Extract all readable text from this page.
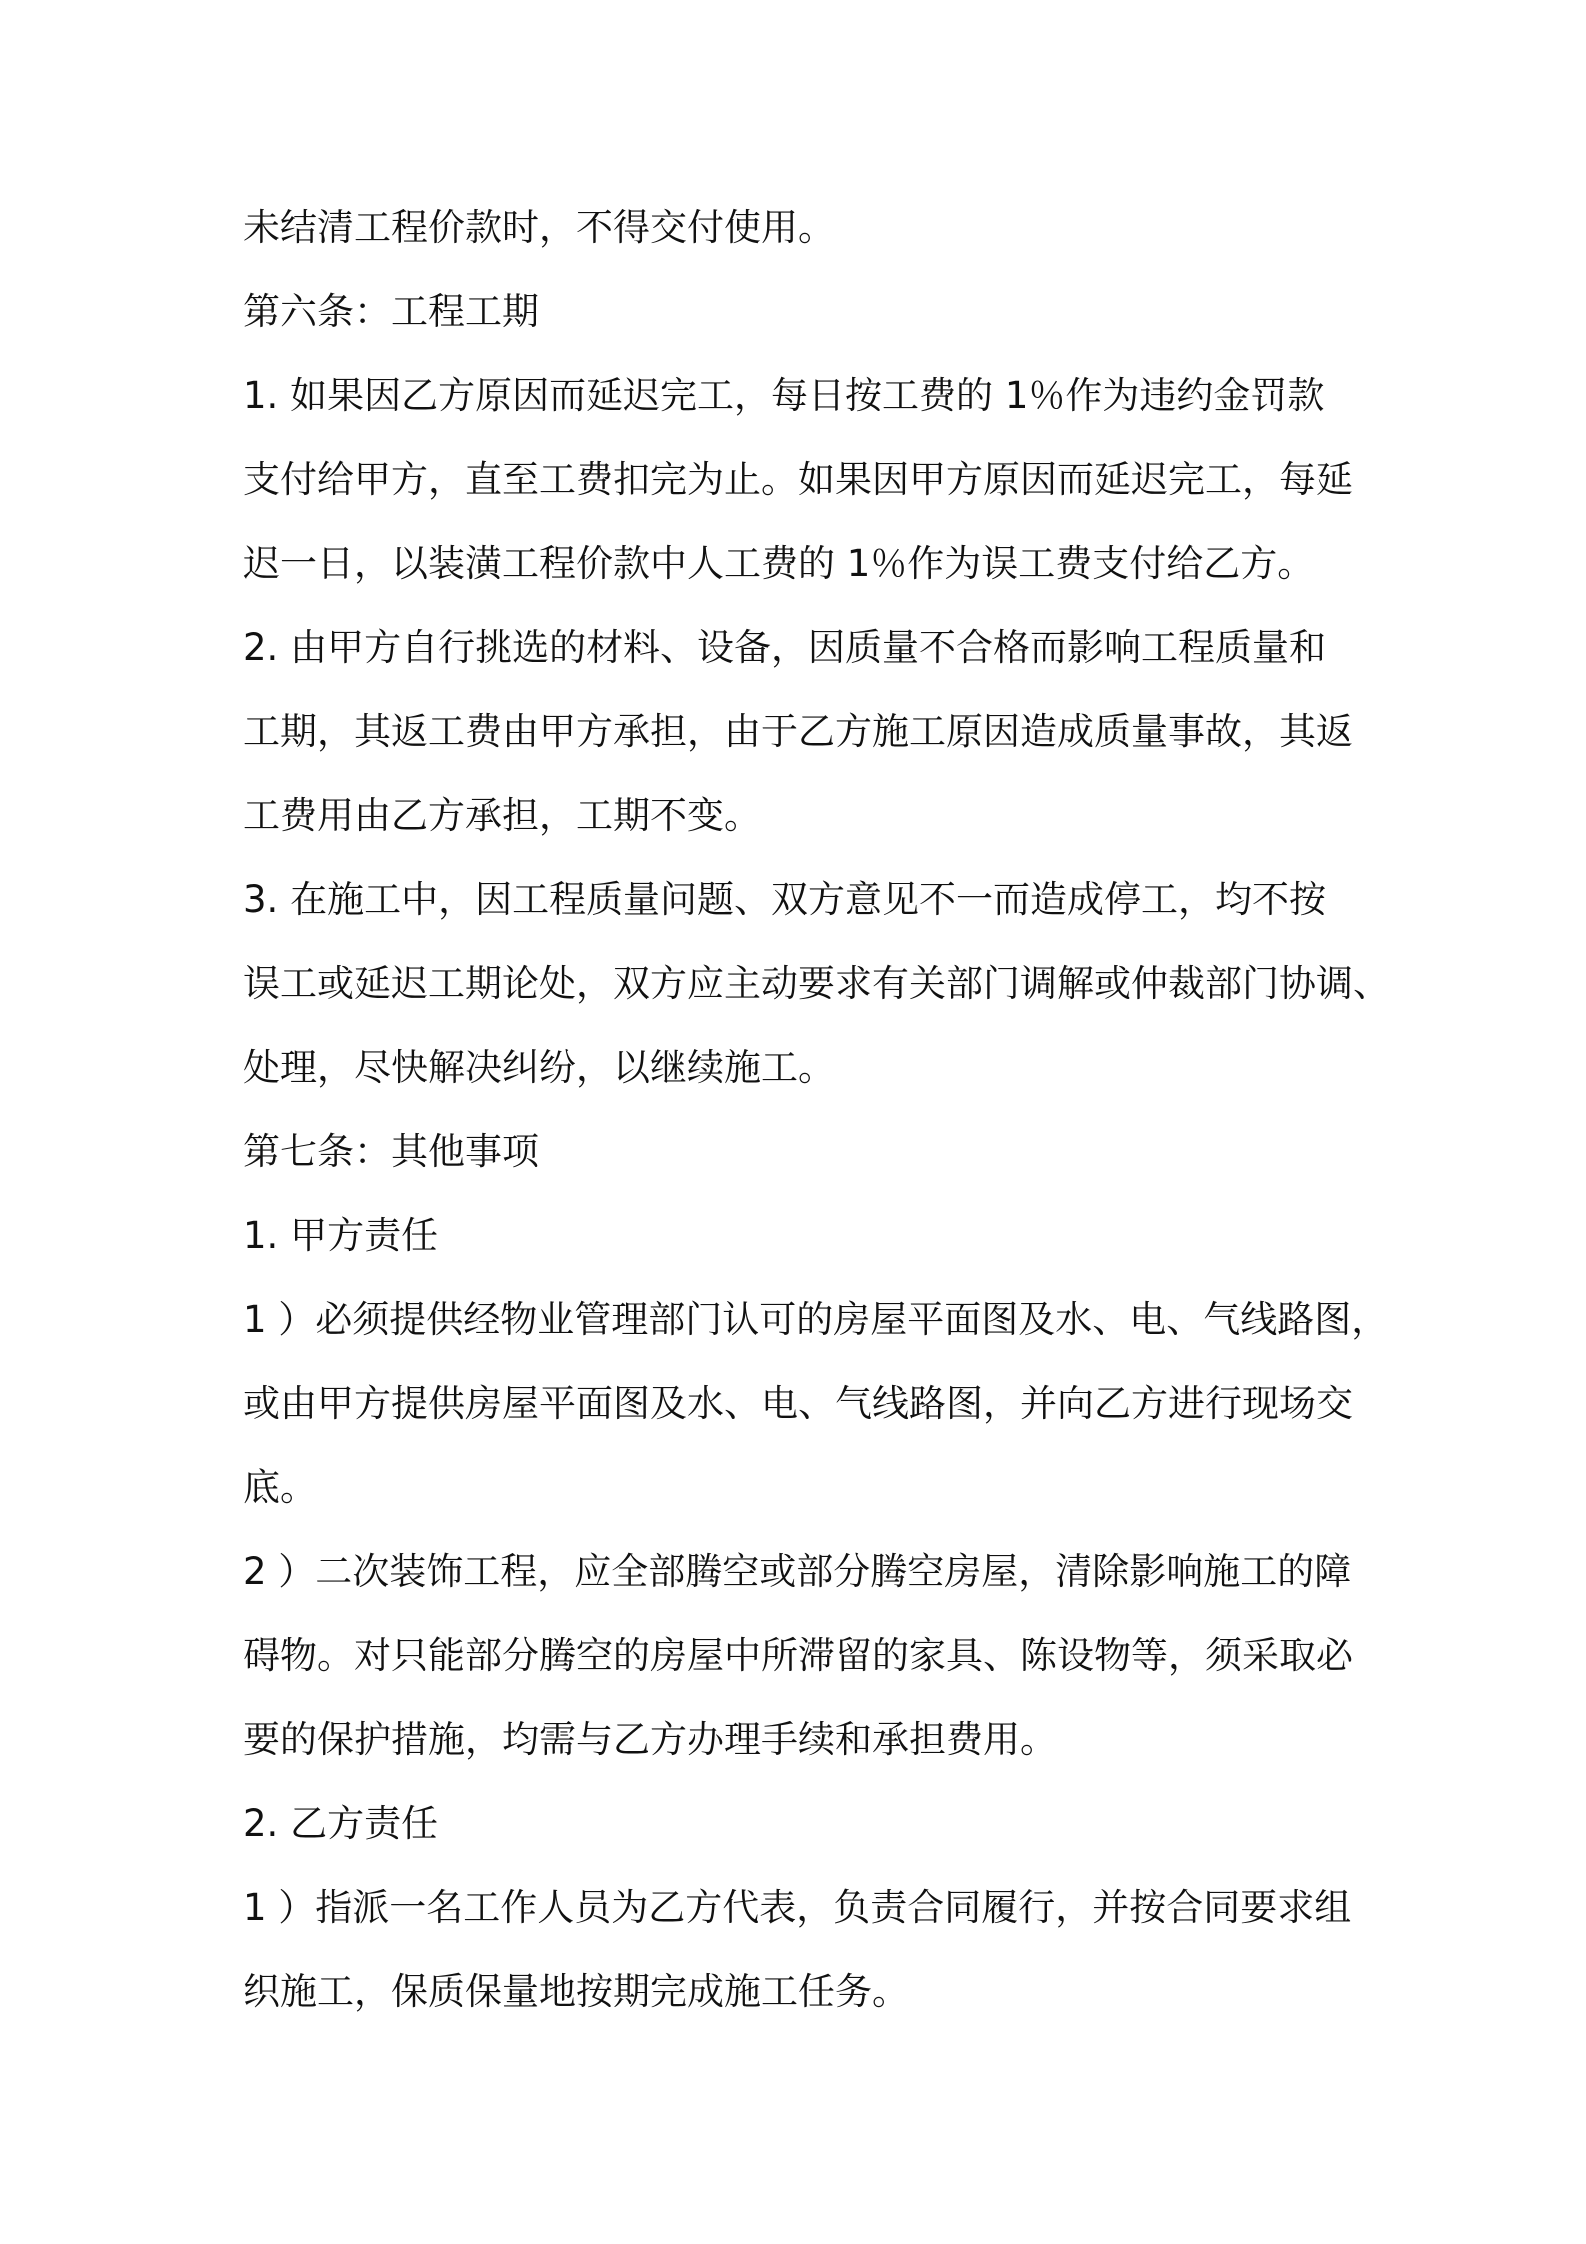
未结清工程价款时，不得交付使用。
第六条：工程工期
1. 如果因乙方原因而延迟完工，每日按工费的 1％作为违约金罚款
支付给甲方，直至工费扣完为止。如果因甲方原因而延迟完工，每延
迟一日，以装潢工程价款中人工费的 1％作为误工费支付给乙方。
2. 由甲方自行挑选的材料、设备，因质量不合格而影响工程质量和
工期，其返工费由甲方承担，由于乙方施工原因造成质量事故，其返
工费用由乙方承担，工期不变。
3. 在施工中，因工程质量问题、双方意见不一而造成停工，均不按
误工或延迟工期论处，双方应主动要求有关部门调解或仲裁部门协调、
处理，尽快解决纠纷，以继续施工。
第七条：其他事项
1. 甲方责任
1 ）必须提供经物业管理部门认可的房屋平面图及水、电、气线路图，
或由甲方提供房屋平面图及水、电、气线路图，并向乙方进行现场交
底。
2 ）二次装饰工程，应全部腾空或部分腾空房屋，清除影响施工的障
碍物。对只能部分腾空的房屋中所滞留的家具、陈设物等，须采取必
要的保护措施，均需与乙方办理手续和承担费用。
2. 乙方责任
1 ）指派一名工作人员为乙方代表，负责合同履行，并按合同要求组
织施工，保质保量地按期完成施工任务。
